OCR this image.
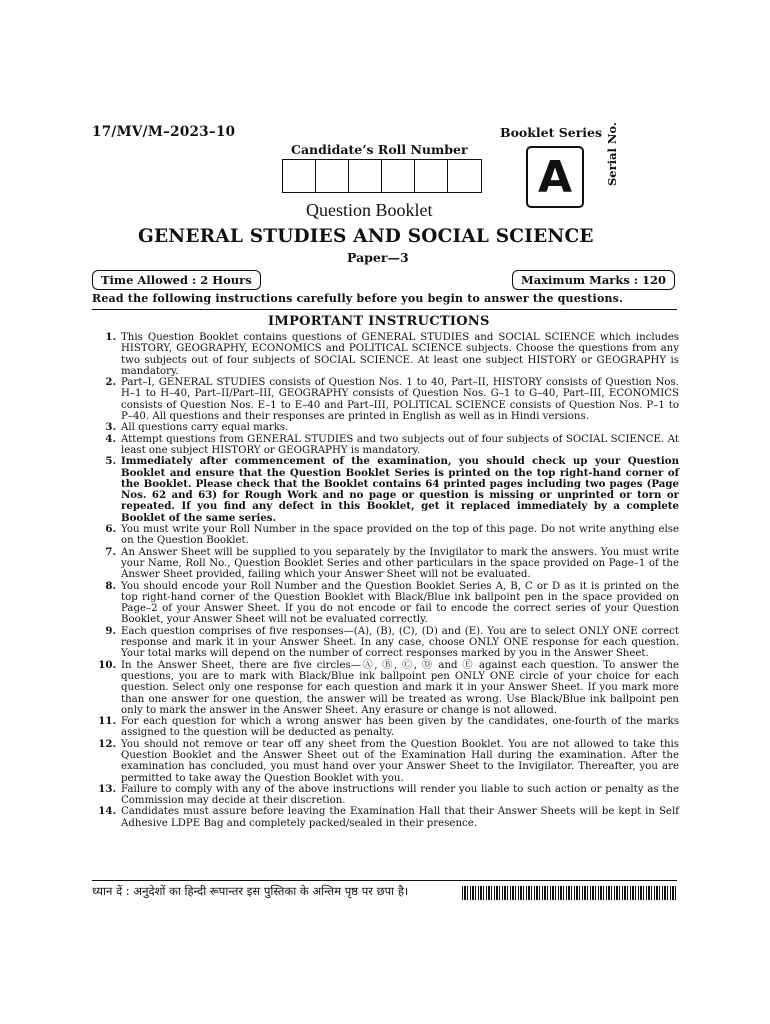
17/MV/M–2023–10	Booklet Series
Candidate’s Roll Number
A	Serial No.
Question Booklet
GENERAL STUDIES AND SOCIAL SCIENCE
Paper—3
Time Allowed : 2 Hours	Maximum Marks : 120
Read the following instructions carefully before you begin to answer the questions.
IMPORTANT INSTRUCTIONS
1. This Question Booklet contains questions of GENERAL STUDIES and SOCIAL SCIENCE which includes HISTORY, GEOGRAPHY, ECONOMICS and POLITICAL SCIENCE subjects. Choose the questions from any two subjects out of four subjects of SOCIAL SCIENCE. At least one subject HISTORY or GEOGRAPHY is mandatory.
2. Part–I, GENERAL STUDIES consists of Question Nos. 1 to 40, Part–II, HISTORY consists of Question Nos. H–1 to H–40, Part–II/Part–III, GEOGRAPHY consists of Question Nos. G–1 to G–40, Part–III, ECONOMICS consists of Question Nos. E–1 to E–40 and Part–III, POLITICAL SCIENCE consists of Question Nos. P–1 to P–40. All questions and their responses are printed in English as well as in Hindi versions.
3. All questions carry equal marks.
4. Attempt questions from GENERAL STUDIES and two subjects out of four subjects of SOCIAL SCIENCE. At least one subject HISTORY or GEOGRAPHY is mandatory.
5. Immediately after commencement of the examination, you should check up your Question Booklet and ensure that the Question Booklet Series is printed on the top right-hand corner of the Booklet. Please check that the Booklet contains 64 printed pages including two pages (Page Nos. 62 and 63) for Rough Work and no page or question is missing or unprinted or torn or repeated. If you find any defect in this Booklet, get it replaced immediately by a complete Booklet of the same series.
6. You must write your Roll Number in the space provided on the top of this page. Do not write anything else on the Question Booklet.
7. An Answer Sheet will be supplied to you separately by the Invigilator to mark the answers. You must write your Name, Roll No., Question Booklet Series and other particulars in the space provided on Page–1 of the Answer Sheet provided, failing which your Answer Sheet will not be evaluated.
8. You should encode your Roll Number and the Question Booklet Series A, B, C or D as it is printed on the top right-hand corner of the Question Booklet with Black/Blue ink ballpoint pen in the space provided on Page–2 of your Answer Sheet. If you do not encode or fail to encode the correct series of your Question Booklet, your Answer Sheet will not be evaluated correctly.
9. Each question comprises of five responses—(A), (B), (C), (D) and (E). You are to select ONLY ONE correct response and mark it in your Answer Sheet. In any case, choose ONLY ONE response for each question. Your total marks will depend on the number of correct responses marked by you in the Answer Sheet.
10. In the Answer Sheet, there are five circles—Ⓐ, Ⓑ, Ⓒ, Ⓓ and Ⓔ against each question. To answer the questions, you are to mark with Black/Blue ink ballpoint pen ONLY ONE circle of your choice for each question. Select only one response for each question and mark it in your Answer Sheet. If you mark more than one answer for one question, the answer will be treated as wrong. Use Black/Blue ink ballpoint pen only to mark the answer in the Answer Sheet. Any erasure or change is not allowed.
11. For each question for which a wrong answer has been given by the candidates, one-fourth of the marks assigned to the question will be deducted as penalty.
12. You should not remove or tear off any sheet from the Question Booklet. You are not allowed to take this Question Booklet and the Answer Sheet out of the Examination Hall during the examination. After the examination has concluded, you must hand over your Answer Sheet to the Invigilator. Thereafter, you are permitted to take away the Question Booklet with you.
13. Failure to comply with any of the above instructions will render you liable to such action or penalty as the Commission may decide at their discretion.
14. Candidates must assure before leaving the Examination Hall that their Answer Sheets will be kept in Self Adhesive LDPE Bag and completely packed/sealed in their presence.
ध्यान दें : अनुदेशों का हिन्दी रूपान्तर इस पुस्तिका के अन्तिम पृष्ठ पर छपा है।
